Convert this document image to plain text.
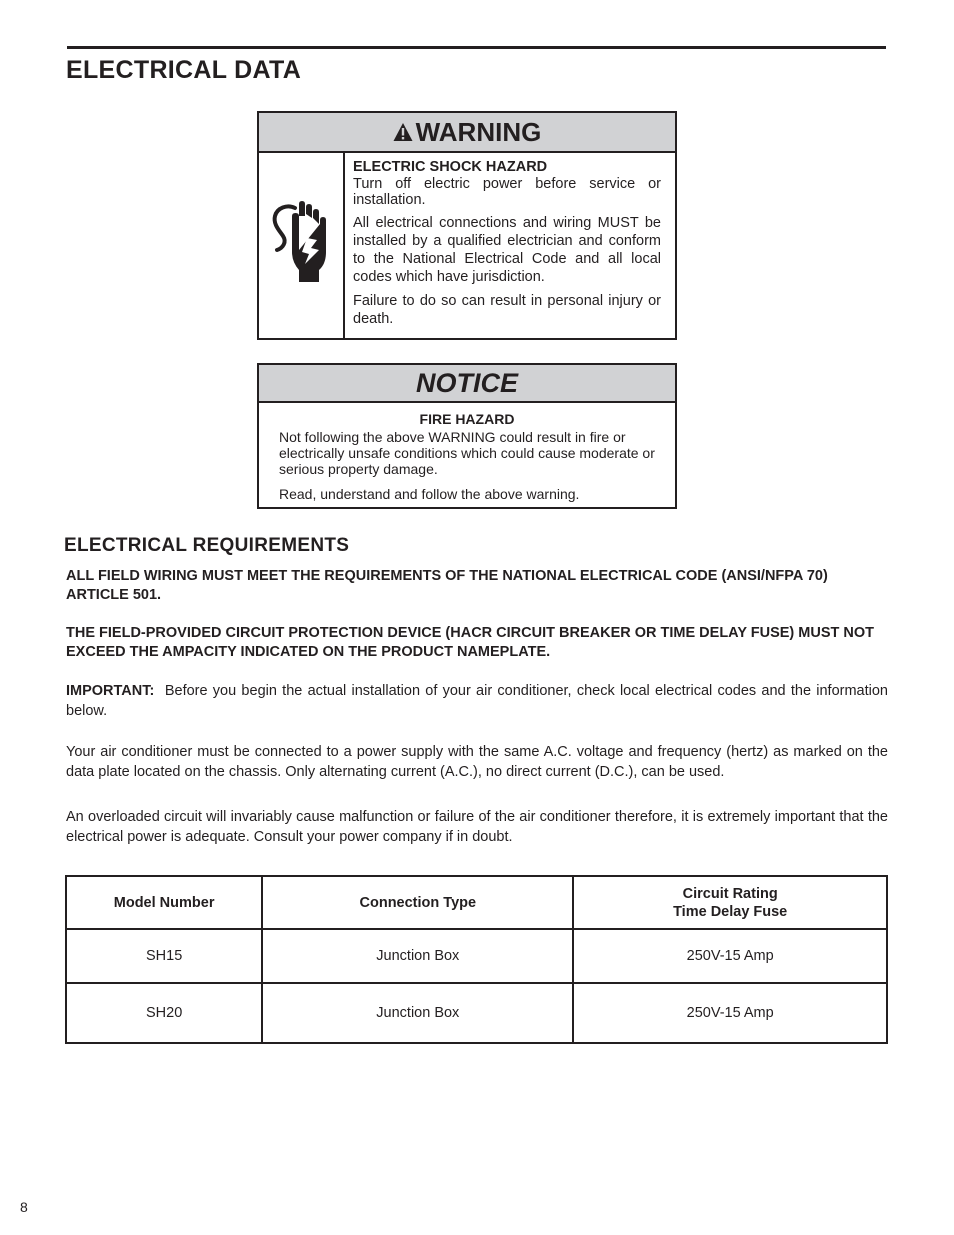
ELECTRICAL DATA
WARNING

ELECTRIC SHOCK HAZARD

Turn off electric power before service or installation.

All electrical connections and wiring MUST be installed by a qualified electrician and conform to the National Electrical Code and all local codes which have jurisdiction.

Failure to do so can result in personal injury or death.

NOTICE

FIRE HAZARD

Not following the above WARNING could result in fire or electrically unsafe conditions which could cause moderate or serious property damage.

Read, understand and follow the above warning.

ELECTRICAL REQUIREMENTS

ALL FIELD WIRING MUST MEET THE REQUIREMENTS OF THE NATIONAL ELECTRICAL CODE (ANSI/NFPA 70) ARTICLE 501.

THE FIELD-PROVIDED CIRCUIT PROTECTION DEVICE (HACR CIRCUIT BREAKER OR TIME DELAY FUSE) MUST NOT EXCEED THE AMPACITY INDICATED ON THE PRODUCT NAMEPLATE.

IMPORTANT: Before you begin the actual installation of your air conditioner, check local electrical codes and the information below.

Your air conditioner must be connected to a power supply with the same A.C. voltage and frequency (hertz) as marked on the data plate located on the chassis. Only alternating current (A.C.), no direct current (D.C.), can be used.

An overloaded circuit will invariably cause malfunction or failure of the air conditioner therefore, it is extremely important that the electrical power is adequate. Consult your power company if in doubt.

Model Number	Connection Type	Circuit Rating
Time Delay Fuse
SH15	Junction Box	250V-15 Amp
SH20	Junction Box	250V-15 Amp
8
